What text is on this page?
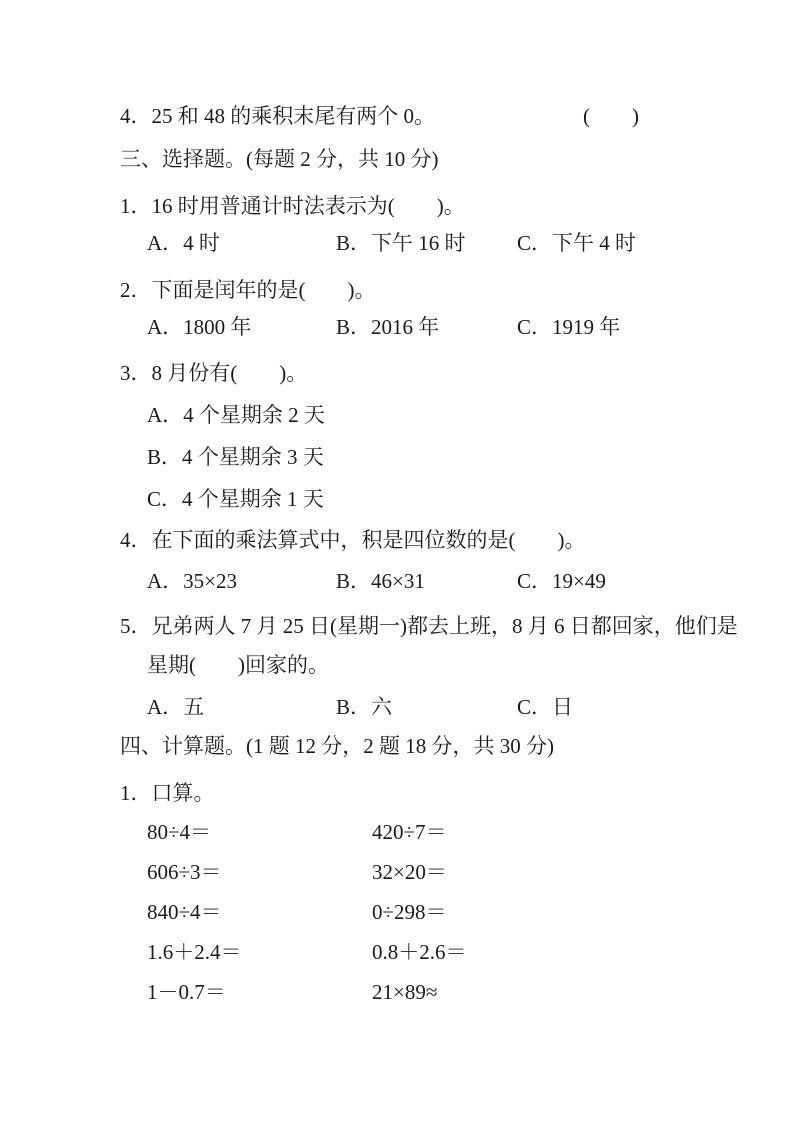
4．25 和 48 的乘积末尾有两个 0。	(　　)
三、选择题。(每题 2 分，共 10 分)
1．16 时用普通计时法表示为(　　)。
A．4 时	B．下午 16 时 C．下午 4 时
2．下面是闰年的是(　　)。
A．1800 年	B．2016 年	C．1919 年
3．8 月份有(　　)。
A．4 个星期余 2 天
B．4 个星期余 3 天
C．4 个星期余 1 天
4．在下面的乘法算式中，积是四位数的是(　　)。
A．35×23	B．46×31	C．19×49
5．兄弟两人 7 月 25 日(星期一)都去上班，8 月 6 日都回家，他们是
星期(　　)回家的。
A．五	B．六	C．日
四、计算题。(1 题 12 分，2 题 18 分，共 30 分)
1．口算。
80÷4＝	420÷7＝
606÷3＝	32×20＝
840÷4＝	0÷298＝
1.6＋2.4＝	0.8＋2.6＝
1－0.7＝	21×89≈
